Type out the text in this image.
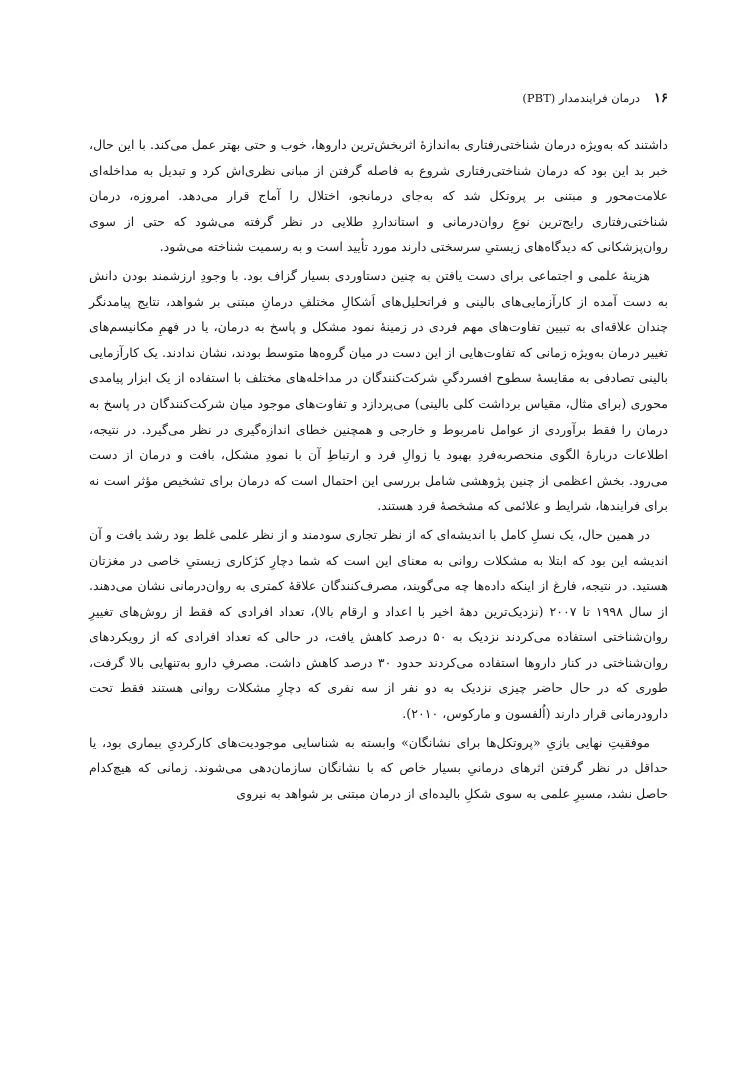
۱۶
درمان فرایندمدار (PBT)

داشتند که به‌ویژه درمان شناختی‌رفتاری به‌اندازهٔ اثربخش‌ترین داروها، خوب و حتی بهتر عمل می‌کند. با این حال، خبر بد این بود که درمان شناختی‌رفتاری شروع به فاصله گرفتن از مبانی نظری‌اش کرد و تبدیل به مداخله‌ای علامت‌محور و مبتنی بر پروتکل شد که به‌جای درمانجو، اختلال را آماج قرار می‌دهد. امروزه، درمان شناختی‌رفتاری رایج‌ترین نوعِ روان‌درمانی و استانداردِ طلایی در نظر گرفته می‌شود که حتی از سوی روان‌پزشکانی که دیدگاه‌های زیستیِ سرسختی دارند مورد تأیید است و به رسمیت شناخته می‌شود.

هزینهٔ علمی و اجتماعی برای دست یافتن به چنین دستاوردی بسیار گزاف بود. با وجودِ ارزشمند بودن دانش به دست آمده از کارآزمایی‌های بالینی و فراتحلیل‌های اَشکالِ مختلفِ درمانِ مبتنی بر شواهد، نتایج پیامدنگر چندان علاقه‌ای به تبیین تفاوت‌های مهم فردی در زمینهٔ نمود مشکل و پاسخ به درمان، یا در فهمِ مکانیسم‌های تغییر درمان به‌ویژه زمانی که تفاوت‌هایی از این دست در میان گروه‌ها متوسط بودند، نشان ندادند. یک کارآزمایی بالینی تصادفی به مقایسهٔ سطوح افسردگیِ شرکت‌کنندگان در مداخله‌های مختلف با استفاده از یک ابزار پیامدی محوری (برای مثال، مقیاس برداشت کلی بالینی) می‌پردازد و تفاوت‌های موجود میان شرکت‌کنندگان در پاسخ به درمان را فقط برآوردی از عوامل نامربوط و خارجی و همچنین خطای اندازه‌گیری در نظر می‌گیرد. در نتیجه، اطلاعات دربارهٔ الگوی منحصربه‌فردِ بهبود یا زوالِ فرد و ارتباطِ آن با نمودِ مشکل، بافت و درمان از دست می‌رود. بخش اعظمی از چنین پژوهشی شامل بررسی این احتمال است که درمان برای تشخیص مؤثر است نه برای فرایندها، شرایط و علائمی که مشخصهٔ فرد هستند.

در همین حال، یک نسلِ کامل با اندیشه‌ای که از نظر تجاری سودمند و از نظر علمی غلط بود رشد یافت و آن اندیشه این بود که ابتلا به مشکلات روانی به معنای این است که شما دچارِ کژکاری زیستیِ خاصی در مغزتان هستید. در نتیجه، فارغ از اینکه داده‌ها چه می‌گویند، مصرف‌کنندگان علاقهٔ کمتری به روان‌درمانی نشان می‌دهند. از سال ۱۹۹۸ تا ۲۰۰۷ (نزدیک‌ترین دههٔ اخیر با اعداد و ارقام بالا)، تعداد افرادی که فقط از روش‌های تغییرِ روان‌شناختی استفاده می‌کردند نزدیک به ۵۰ درصد کاهش یافت، در حالی که تعداد افرادی که از رویکردهای روان‌شناختی در کنار داروها استفاده می‌کردند حدود ۳۰ درصد کاهش داشت. مصرفِ دارو به‌تنهایی بالا گرفت، طوری که در حال حاضر چیزی نزدیک به دو نفر از سه نفری که دچارِ مشکلات روانی هستند فقط تحت دارودرمانی قرار دارند (اُلفسون و مارکوس، ۲۰۱۰).

موفقیتِ نهایی بازیِ «پروتکل‌ها برای نشانگان» وابسته به شناسایی موجودیت‌های کارکردیِ بیماری بود، یا حداقل در نظر گرفتن اثرهای درمانیِ بسیار خاص که با نشانگان سازمان‌دهی می‌شوند. زمانی که هیچ‌کدام حاصل نشد، مسیرِ علمی به سوی شکلِ بالیده‌ای از درمان مبتنی بر شواهد به نیروی
